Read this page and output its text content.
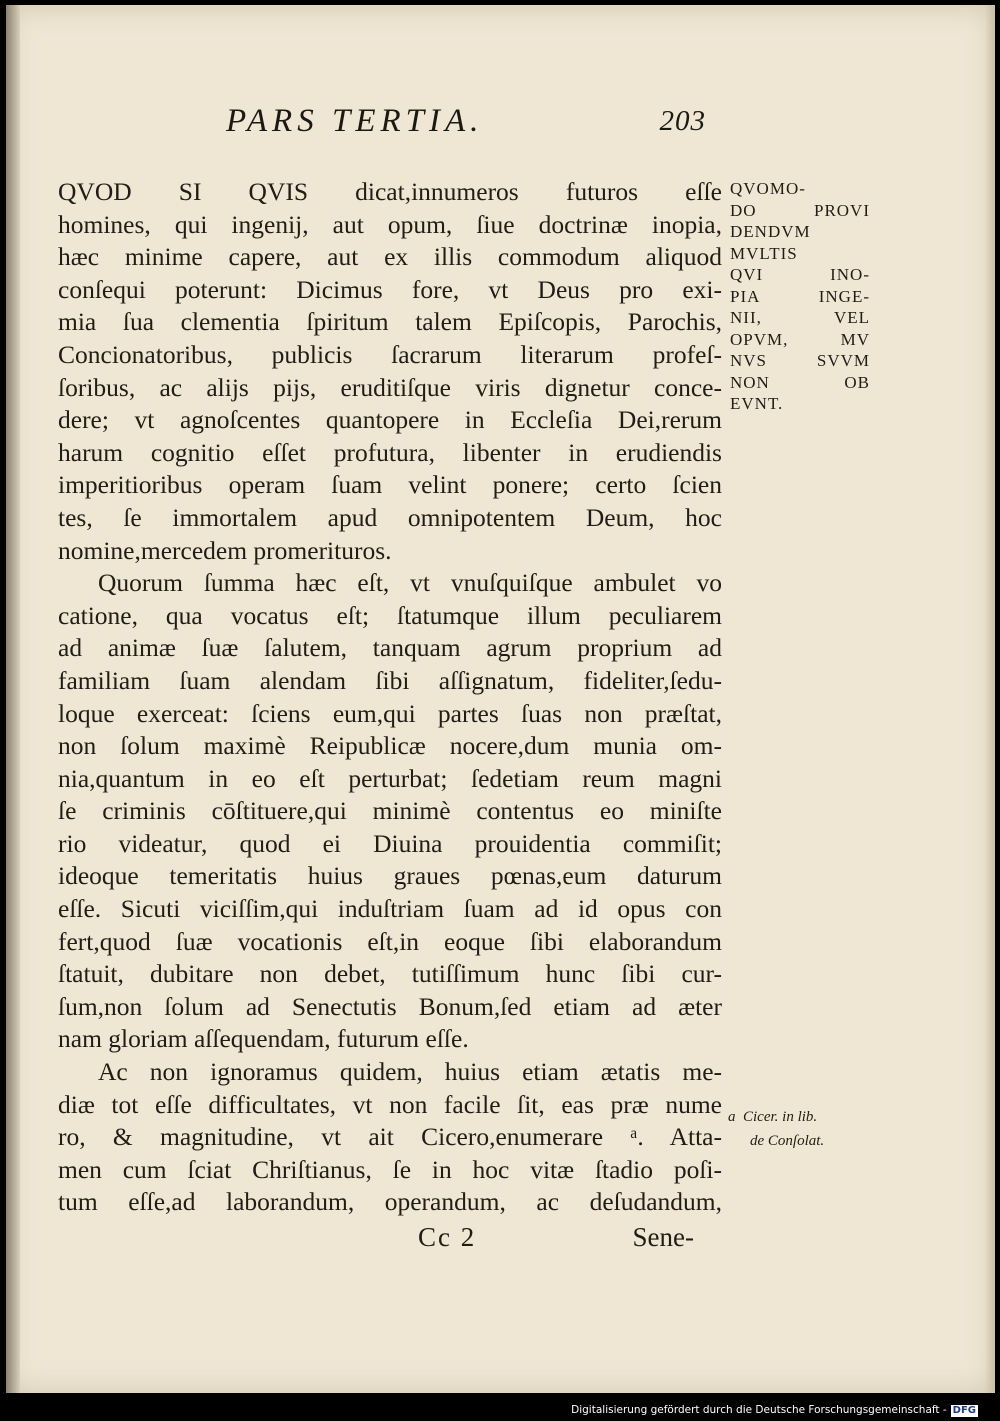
PARS TERTIA.	203
QVOD SI QVIS dicat,innumeros futuros eſſe
homines, qui ingenij, aut opum, ſiue doctrinæ inopia,
hæc minime capere, aut ex illis commodum aliquod
conſequi poterunt: Dicimus fore, vt Deus pro exi-
mia ſua clementia ſpiritum talem Epiſcopis, Parochis,
Concionatoribus, publicis ſacrarum literarum profeſ-
ſoribus, ac alijs pijs, eruditiſque viris dignetur conce-
dere; vt agnoſcentes quantopere in Eccleſia Dei,rerum
harum cognitio eſſet profutura, libenter in erudiendis
imperitioribus operam ſuam velint ponere; certo ſcien
tes, ſe immortalem apud omnipotentem Deum, hoc
nomine,mercedem promerituros.
Quorum ſumma hæc eſt, vt vnuſquiſque ambulet vo
catione, qua vocatus eſt; ſtatumque illum peculiarem
ad animæ ſuæ ſalutem, tanquam agrum proprium ad
familiam ſuam alendam ſibi aſſignatum, fideliter,ſedu-
loque exerceat: ſciens eum,qui partes ſuas non præſtat,
non ſolum maximè Reipublicæ nocere,dum munia om-
nia,quantum in eo eſt perturbat; ſedetiam reum magni
ſe criminis cōſtituere,qui minimè contentus eo miniſte
rio videatur, quod ei Diuina prouidentia commiſit;
ideoque temeritatis huius graues pœnas,eum daturum
eſſe. Sicuti viciſſim,qui induſtriam ſuam ad id opus con
fert,quod ſuæ vocationis eſt,in eoque ſibi elaborandum
ſtatuit, dubitare non debet, tutiſſimum hunc ſibi cur-
ſum,non ſolum ad Senectutis Bonum,ſed etiam ad æter
nam gloriam aſſequendam, futurum eſſe.
Ac non ignoramus quidem, huius etiam ætatis me-
diæ tot eſſe difficultates, vt non facile ſit, eas præ nume
ro, & magnitudine, vt ait Cicero,enumerare ᵃ. Atta-
men cum ſciat Chriſtianus, ſe in hoc vitæ ſtadio poſi-
tum eſſe,ad laborandum, operandum, ac deſudandum,
QVOMO-
DO PROVI
DENDVM
MVLTIS
QVI INO-
PIA INGE-
NII, VEL
OPVM, MV
NVS SVVM
NON OB
EVNT.
a Cicer. in lib.
de Conſolat.
Cc 2	Sene-
Digitalisierung gefördert durch die Deutsche Forschungsgemeinschaft - DFG
